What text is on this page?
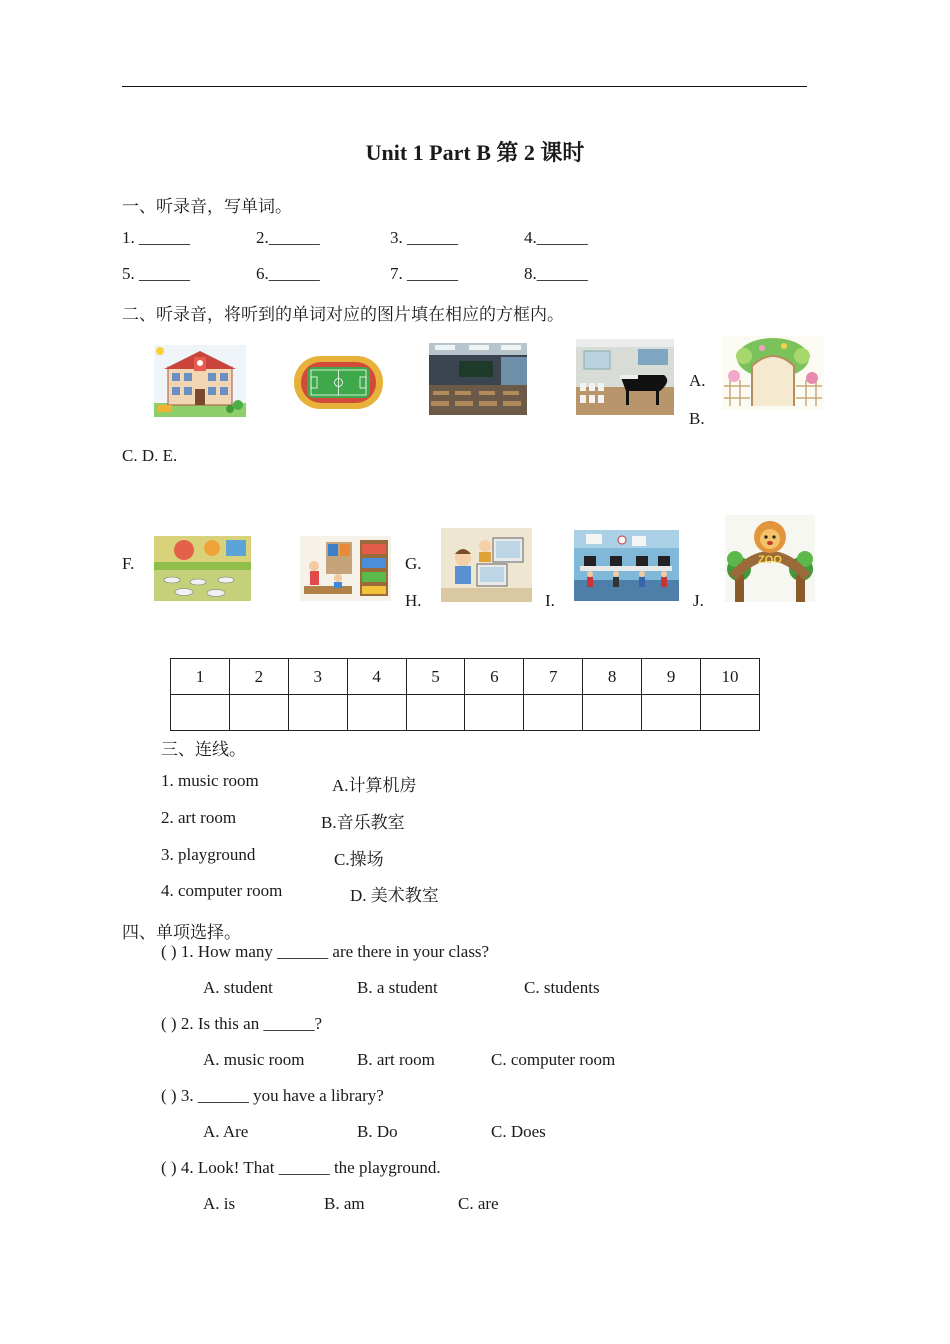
Unit 1 Part B 第 2 课时
一、听录音，写单词。
1. ______	2.______	3. ______	4.______
5. ______	6.______	7. ______	8.______
二、听录音，将听到的单词对应的图片填在相应的方框内。
A.
B.
C. D. E.
F.	G.
H.	I.	J.
ZOO
1	2	3	4	5	6	7	8	9	10

三、连线。
1. music room	A.计算机房
2. art room	B.音乐教室
3. playground	C.操场
4. computer room	D. 美术教室
四、单项选择。
( ) 1. How many ______ are there in your class?
A. student	B. a student	C. students
( ) 2. Is this an ______?
A. music room	B. art room	C. computer room
( ) 3. ______ you have a library?
A. Are	B. Do	C. Does
( ) 4. Look! That ______ the playground.
A. is	B. am	C. are
